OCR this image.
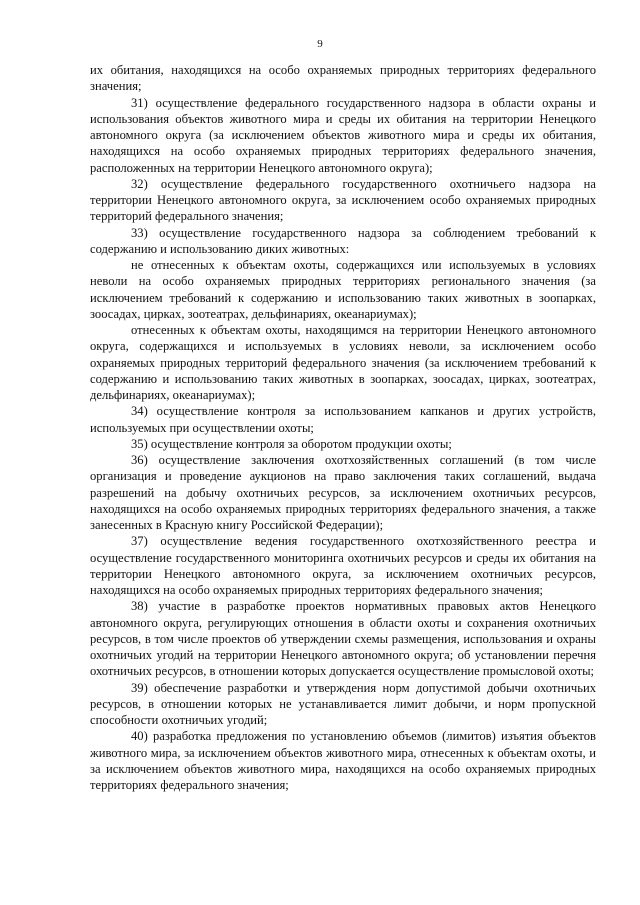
9

их обитания, находящихся на особо охраняемых природных территориях федерального значения;

31) осуществление федерального государственного надзора в области охраны и использования объектов животного мира и среды их обитания на территории Ненецкого автономного округа (за исключением объектов животного мира и среды их обитания, находящихся на особо охраняемых природных территориях федерального значения, расположенных на территории Ненецкого автономного округа);

32) осуществление федерального государственного охотничьего надзора на территории Ненецкого автономного округа, за исключением особо охраняемых природных территорий федерального значения;

33) осуществление государственного надзора за соблюдением требований к содержанию и использованию диких животных:

не отнесенных к объектам охоты, содержащихся или используемых в условиях неволи на особо охраняемых природных территориях регионального значения (за исключением требований к содержанию и использованию таких животных в зоопарках, зоосадах, цирках, зоотеатрах, дельфинариях, океанариумах);

отнесенных к объектам охоты, находящимся на территории Ненецкого автономного округа, содержащихся и используемых в условиях неволи, за исключением особо охраняемых природных территорий федерального значения (за исключением требований к содержанию и использованию таких животных в зоопарках, зоосадах, цирках, зоотеатрах, дельфинариях, океанариумах);

34) осуществление контроля за использованием капканов и других устройств, используемых при осуществлении охоты;

35) осуществление контроля за оборотом продукции охоты;

36) осуществление заключения охотхозяйственных соглашений (в том числе организация и проведение аукционов на право заключения таких соглашений, выдача разрешений на добычу охотничьих ресурсов, за исключением охотничьих ресурсов, находящихся на особо охраняемых природных территориях федерального значения, а также занесенных в Красную книгу Российской Федерации);

37) осуществление ведения государственного охотхозяйственного реестра и осуществление государственного мониторинга охотничьих ресурсов и среды их обитания на территории Ненецкого автономного округа, за исключением охотничьих ресурсов, находящихся на особо охраняемых природных территориях федерального значения;

38) участие в разработке проектов нормативных правовых актов Ненецкого автономного округа, регулирующих отношения в области охоты и сохранения охотничьих ресурсов, в том числе проектов об утверждении схемы размещения, использования и охраны охотничьих угодий на территории Ненецкого автономного округа; об установлении перечня охотничьих ресурсов, в отношении которых допускается осуществление промысловой охоты;

39) обеспечение разработки и утверждения норм допустимой добычи охотничьих ресурсов, в отношении которых не устанавливается лимит добычи, и норм пропускной способности охотничьих угодий;

40) разработка предложения по установлению объемов (лимитов) изъятия объектов животного мира, за исключением объектов животного мира, отнесенных к объектам охоты, и за исключением объектов животного мира, находящихся на особо охраняемых природных территориях федерального значения;
